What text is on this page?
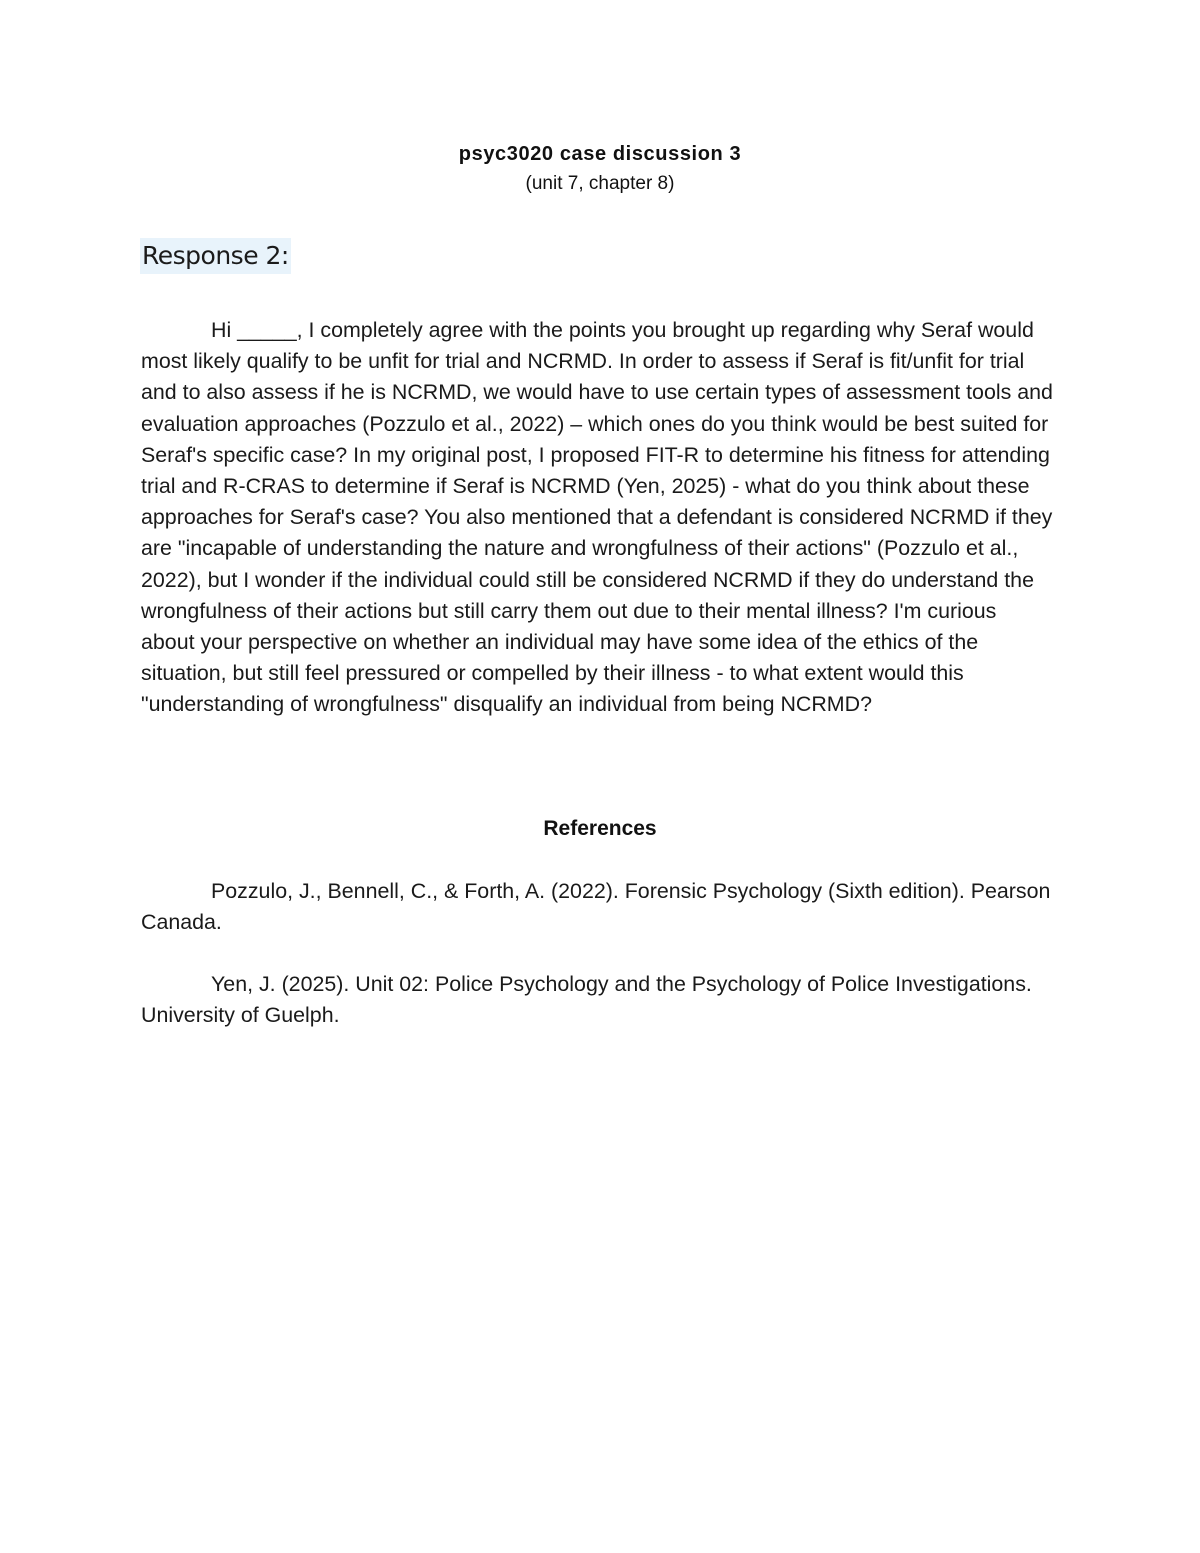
psyc3020 case discussion 3
(unit 7, chapter 8)
Response 2:

Hi _____, I completely agree with the points you brought up regarding why Seraf would most likely qualify to be unfit for trial and NCRMD. In order to assess if Seraf is fit/unfit for trial and to also assess if he is NCRMD, we would have to use certain types of assessment tools and evaluation approaches (Pozzulo et al., 2022) – which ones do you think would be best suited for Seraf's specific case? In my original post, I proposed FIT-R to determine his fitness for attending trial and R-CRAS to determine if Seraf is NCRMD (Yen, 2025) - what do you think about these approaches for Seraf's case? You also mentioned that a defendant is considered NCRMD if they are "incapable of understanding the nature and wrongfulness of their actions" (Pozzulo et al., 2022), but I wonder if the individual could still be considered NCRMD if they do understand the wrongfulness of their actions but still carry them out due to their mental illness? I'm curious about your perspective on whether an individual may have some idea of the ethics of the situation, but still feel pressured or compelled by their illness - to what extent would this "understanding of wrongfulness" disqualify an individual from being NCRMD?

References

Pozzulo, J., Bennell, C., & Forth, A. (2022). Forensic Psychology (Sixth edition). Pearson Canada.

Yen, J. (2025). Unit 02: Police Psychology and the Psychology of Police Investigations. University of Guelph.
